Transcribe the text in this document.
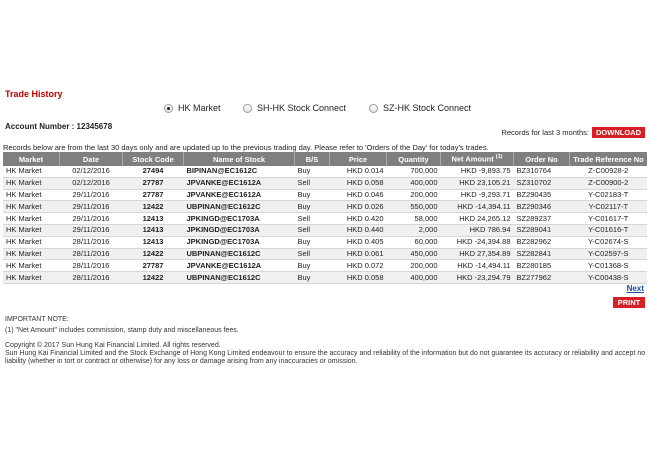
Trade History
HK Market	SH-HK Stock Connect	SZ-HK Stock Connect
Account Number : 12345678
Records for last 3 months: DOWNLOAD
Records below are from the last 30 days only and are updated up to the previous trading day. Please refer to 'Orders of the Day' for today's trades.
Market	Date	Stock Code	Name of Stock	B/S	Price	Quantity	Net Amount $^{(1)}$	Order No	Trade Reference No
HK Market	02/12/2016	27494	BIPINAN@EC1612C	Buy	HKD 0.014	700,000	HKD -9,893.75	BZ310764	Z-C00928-2
HK Market	02/12/2016	27787	JPVANKE@EC1612A	Sell	HKD 0.058	400,000	HKD 23,105.21	SZ310702	Z-C00900-2
HK Market	29/11/2016	27787	JPVANKE@EC1612A	Buy	HKD 0.046	200,000	HKD -9,293.71	BZ290435	Y-C02183-T
HK Market	29/11/2016	12422	UBPINAN@EC1612C	Buy	HKD 0.026	550,000	HKD -14,394.11	BZ290346	Y-C02117-T
HK Market	29/11/2016	12413	JPKINGD@EC1703A	Sell	HKD 0.420	58,000	HKD 24,265.12	SZ289237	Y-C01617-T
HK Market	29/11/2016	12413	JPKINGD@EC1703A	Sell	HKD 0.440	2,000	HKD 786.94	SZ289041	Y-C01616-T
HK Market	28/11/2016	12413	JPKINGD@EC1703A	Buy	HKD 0.405	60,000	HKD -24,394.88	BZ282962	Y-C02674-S
HK Market	28/11/2016	12422	UBPINAN@EC1612C	Sell	HKD 0.061	450,000	HKD 27,354.89	SZ282841	Y-C02597-S
HK Market	28/11/2016	27787	JPVANKE@EC1612A	Buy	HKD 0.072	200,000	HKD -14,494.11	BZ280185	Y-C01368-S
HK Market	28/11/2016	12422	UBPINAN@EC1612C	Buy	HKD 0.058	400,000	HKD -23,294.79	BZ277962	Y-C00438-S
Next
PRINT
IMPORTANT NOTE:
(1) "Net Amount" includes commission, stamp duty and miscellaneous fees.
Copyright © 2017 Sun Hung Kai Financial Limited. All rights reserved.
Sun Hung Kai Financial Limited and the Stock Exchange of Hong Kong Limited endeavour to ensure the accuracy and reliability of the information but do not guarantee its accuracy or reliability and accept no
liability (whether in tort or contract or otherwise) for any loss or damage arising from any inaccuracies or omission.
